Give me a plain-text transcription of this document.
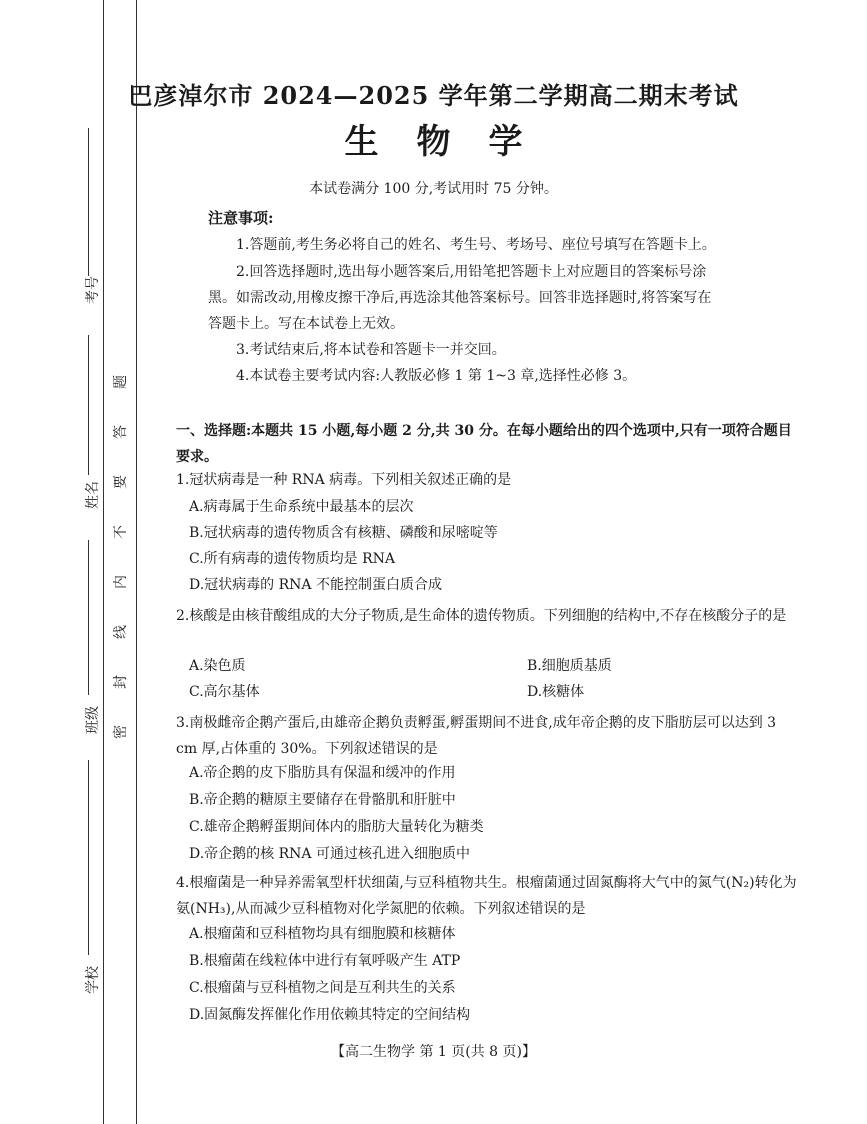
考号
姓名
班级
学校
密
封
线
内
不
要
答
题
巴彦淖尔市 2024—2025 学年第二学期高二期末考试
生物学
本试卷满分 100 分,考试用时 75 分钟。
注意事项:
1.答题前,考生务必将自己的姓名、考生号、考场号、座位号填写在答题卡上。
2.回答选择题时,选出每小题答案后,用铅笔把答题卡上对应题目的答案标号涂
黑。如需改动,用橡皮擦干净后,再选涂其他答案标号。回答非选择题时,将答案写在
答题卡上。写在本试卷上无效。
3.考试结束后,将本试卷和答题卡一并交回。
4.本试卷主要考试内容:人教版必修 1 第 1~3 章,选择性必修 3。
一、选择题:本题共 15 小题,每小题 2 分,共 30 分。在每小题给出的四个选项中,只有一项符合题目要求。
1.冠状病毒是一种 RNA 病毒。下列相关叙述正确的是
A.病毒属于生命系统中最基本的层次
B.冠状病毒的遗传物质含有核糖、磷酸和尿嘧啶等
C.所有病毒的遗传物质均是 RNA
D.冠状病毒的 RNA 不能控制蛋白质合成
2.核酸是由核苷酸组成的大分子物质,是生命体的遗传物质。下列细胞的结构中,不存在核酸分子的是
A.染色质	B.细胞质基质
C.高尔基体	D.核糖体
3.南极雌帝企鹅产蛋后,由雄帝企鹅负责孵蛋,孵蛋期间不进食,成年帝企鹅的皮下脂肪层可以达到 3 cm 厚,占体重的 30%。下列叙述错误的是
A.帝企鹅的皮下脂肪具有保温和缓冲的作用
B.帝企鹅的糖原主要储存在骨骼肌和肝脏中
C.雄帝企鹅孵蛋期间体内的脂肪大量转化为糖类
D.帝企鹅的核 RNA 可通过核孔进入细胞质中
4.根瘤菌是一种异养需氧型杆状细菌,与豆科植物共生。根瘤菌通过固氮酶将大气中的氮气(N₂)转化为氨(NH₃),从而减少豆科植物对化学氮肥的依赖。下列叙述错误的是
A.根瘤菌和豆科植物均具有细胞膜和核糖体
B.根瘤菌在线粒体中进行有氧呼吸产生 ATP
C.根瘤菌与豆科植物之间是互利共生的关系
D.固氮酶发挥催化作用依赖其特定的空间结构
【高二生物学 第 1 页(共 8 页)】
